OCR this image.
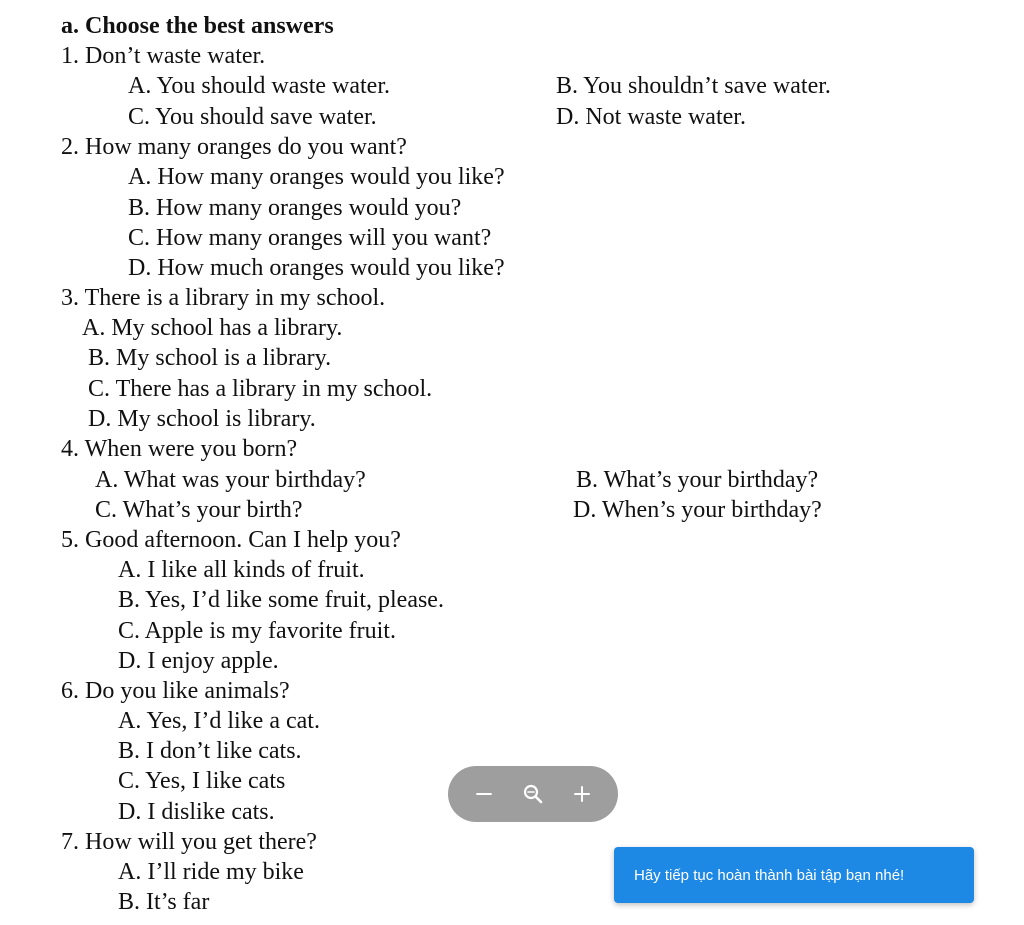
a. Choose the best answers
1. Don’t waste water.
A. You should waste water.	B. You shouldn’t save water.
C. You should save water.	D. Not waste water.
2. How many oranges do you want?
A. How many oranges would you like?
B. How many oranges would you?
C. How many oranges will you want?
D. How much oranges would you like?
3. There is a library in my school.
A. My school has a library.
B. My school is a library.
C. There has a library in my school.
D. My school is library.
4. When were you born?
A. What was your birthday?	B. What’s your birthday?
C. What’s your birth?	D. When’s your birthday?
5. Good afternoon. Can I help you?
A. I like all kinds of fruit.
B. Yes, I’d like some fruit, please.
C. Apple is my favorite fruit.
D. I enjoy apple.
6. Do you like animals?
A. Yes, I’d like a cat.
B. I don’t like cats.
C. Yes, I like cats
D. I dislike cats.
7. How will you get there?
A. I’ll ride my bike
B. It’s far
Hãy tiếp tục hoàn thành bài tập bạn nhé!
